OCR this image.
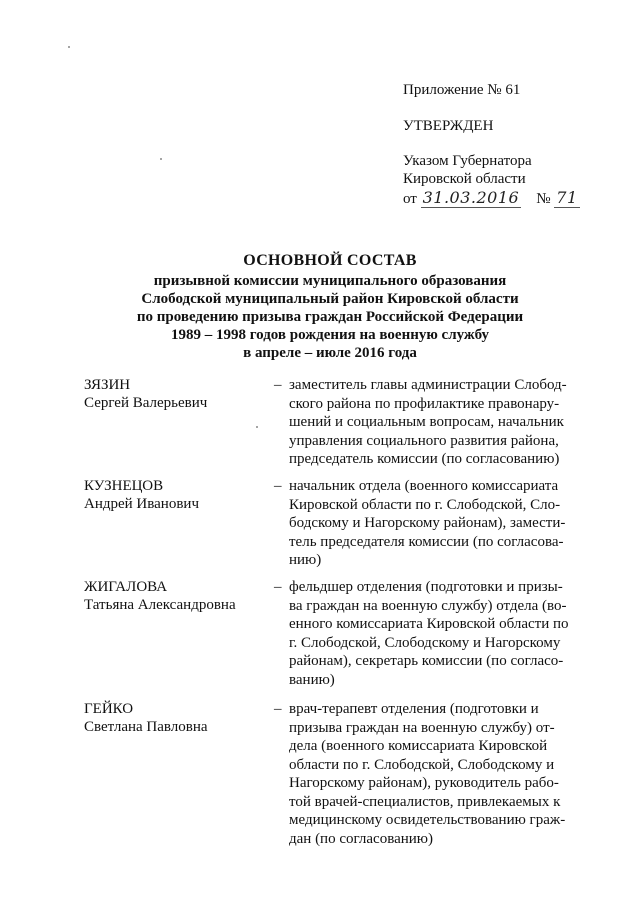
Приложение № 61
УТВЕРЖДЕН
Указом Губернатора
Кировской области
от 31.03.2016 № 71
ОСНОВНОЙ СОСТАВ
призывной комиссии муниципального образования
Слободской муниципальный район Кировской области
по проведению призыва граждан Российской Федерации
1989 – 1998 годов рождения на военную службу
в апреле – июле 2016 года
ЗЯЗИН
Сергей Валерьевич
– заместитель главы администрации Слобод-
ского района по профилактике правонару-
шений и социальным вопросам, начальник
управления социального развития района,
председатель комиссии (по согласованию)
КУЗНЕЦОВ
Андрей Иванович
– начальник отдела (военного комиссариата
Кировской области по г. Слободской, Сло-
бодскому и Нагорскому районам), замести-
тель председателя комиссии (по согласова-
нию)
ЖИГАЛОВА
Татьяна Александровна
– фельдшер отделения (подготовки и призы-
ва граждан на военную службу) отдела (во-
енного комиссариата Кировской области по
г. Слободской, Слободскому и Нагорскому
районам), секретарь комиссии (по согласо-
ванию)
ГЕЙКО
Светлана Павловна
– врач-терапевт отделения (подготовки и
призыва граждан на военную службу) от-
дела (военного комиссариата Кировской
области по г. Слободской, Слободскому и
Нагорскому районам), руководитель рабо-
той врачей-специалистов, привлекаемых к
медицинскому освидетельствованию граж-
дан (по согласованию)
